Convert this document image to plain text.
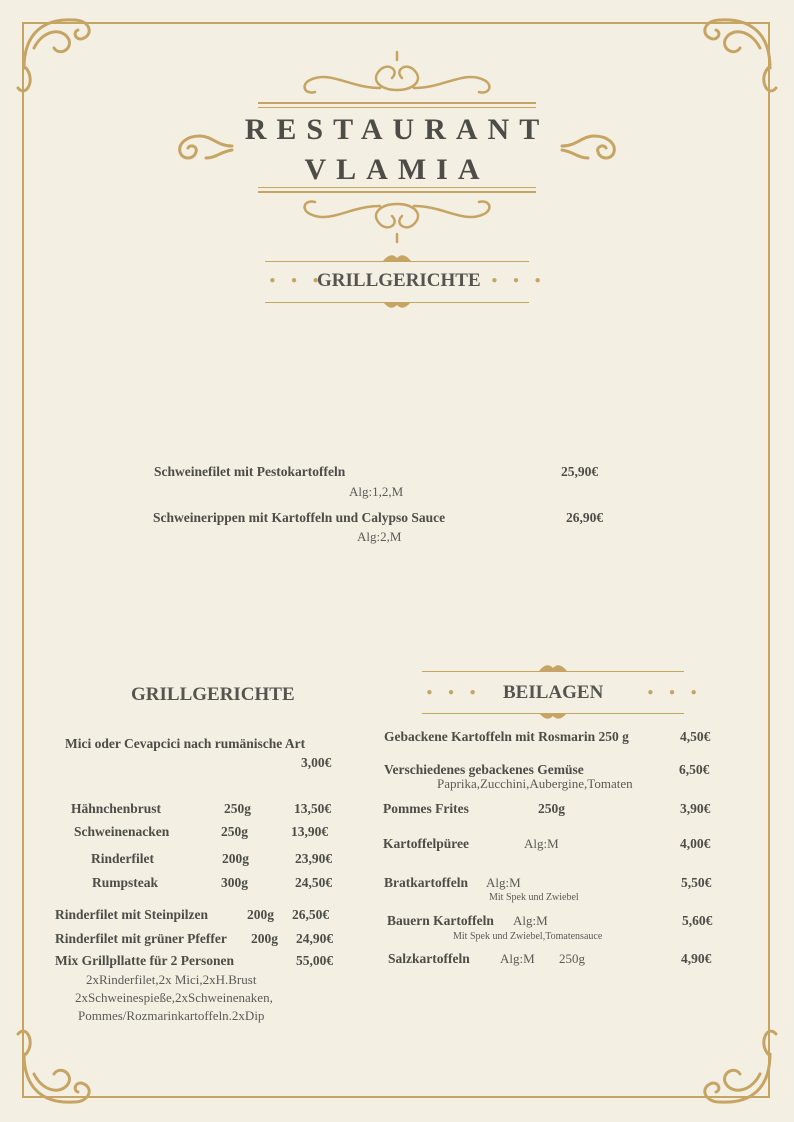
RESTAURANT
VLAMIA
• • •
GRILLGERICHTE • • •
Schweinefilet mit Pestokartoffeln	25,90€
Alg:1,2,M
Schweinerippen mit Kartoffeln und Calypso Sauce	26,90€
Alg:2,M
GRILLGERICHTE
Mici oder Cevapcici nach rumänische Art
3,00€
Hähnchenbrust	250g	13,50€
Schweinenacken	250g	13,90€
Rinderfilet	200g	23,90€
Rumpsteak	300g	24,50€
Rinderfilet mit Steinpilzen	200g 26,50€
Rinderfilet mit grüner Pfeffer 200g 24,90€
Mix Grillpllatte für 2 Personen	55,00€
2xRinderfilet,2x Mici,2xH.Brust
2xSchweinespieße,2xSchweinenaken,
Pommes/Rozmarinkartoffeln.2xDip
• • • BEILAGEN	• • •
Gebackene Kartoffeln mit Rosmarin 250 g	4,50€
Verschiedenes gebackenes Gemüse	6,50€
Paprika,Zucchini,Aubergine,Tomaten
Pommes Frites	250g	3,90€
Kartoffelpüree	Alg:M	4,00€
Bratkartoffeln Alg:M	5,50€
Mit Spek und Zwiebel
Bauern Kartoffeln Alg:M	5,60€
Mit Spek und Zwiebel,Tomatensauce
Salzkartoffeln Alg:M 250g	4,90€
